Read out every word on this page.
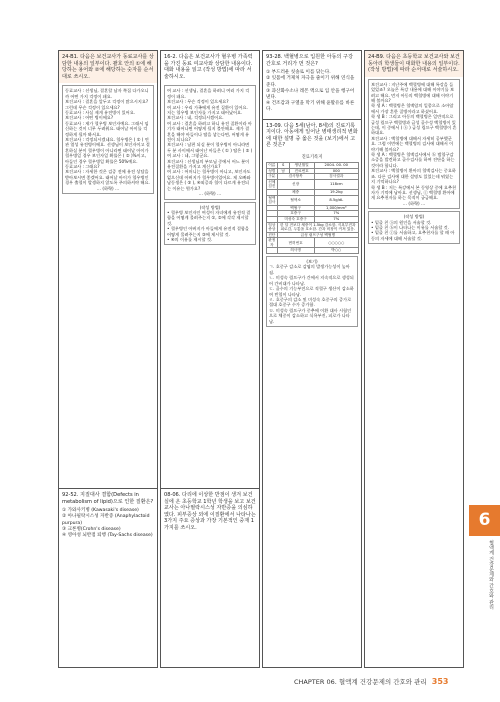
24-B1. 다음은 보건교사가 동료교사를 상담한 내용의 일부이다. 괄호 안의 ①에 해당하는 용어와 ②에 해당하는 숫자를 순서대로 쓰시오.
동료교사 : 선생님, 결혼할 남자 쪽집 다가오니까 어떤 가지 걱정이 돼요.
보건교사 : 결혼을 앞두고 걱정이 많으시지요? 그런데 무슨 걱정이 있으세요?
동료교사 : 사실 제게 유전병이 있어요.
보건교사 : 어떤 병이에요?
동료교사 : 제가 혈우병 보인자예요. 그래서 임신하는 것이 너무 두려워요. 태어날 아이를 걱정하게 될까 봐서요.
보건교사 : 걱정되시겠네요. 혈우병은 ( ① ) 연관 열성 유전병이에요. 선생님이 보인자이고 결혼하실 분이 혈우병이 아니라면 태어날 아이가 혈우병일 경우 보인자일 확률은 ( ② )%이고, 아들인 경우 혈우병일 확률은 50%예요.
동료교사 : 그래요?
보건교사 : 자세한 것은 검증 전에 유전 상담을 받아보시면 좋겠어요. 태어날 아이가 혈우병인 경우 출혈이 발생하지 않도록 주의하셔야 해요.
… (하략) …
92-52. 지질대사 결함(Defects in metabolism of lipid)으로 인한 질환은?
① 가와사키병 (Kawasaki's disease)
② 아나필락시스성 자반증 (Anaphylactoid purpura)
③ 크론병(Crohn's disease)
④ 영아성 뇌반점 퇴행 (Tay-Sachs disease)
16-2. 다음은 보건교사가 혈우병 가족력을 가진 동료 여교사와 상담한 내용이다. 대화 내용을 읽고 (작성 방법)에 따라 서술하시오.
여 교사 : 선생님, 결혼을 하려니 여러 가지 걱정이 돼요.
보건교사 : 무슨 걱정이 있으세요?
여 교사 : 우리 가족에게 유전 질환이 있어요. 저는 혈우병 보인자를 가지고 태어났어요.
보건교사 : 네, 걱정되시겠어요.
여 교사 : 결혼을 하려고 하니 유전 질환이라 아기가 태어나면 어떻게 될지 불안해요. 제가 결혼을 해야 아들이나 딸을 낳는다면, 어떻게 유전이 되나요?
보건교사 : 남편 되실 분이 혈우병이 아니라면 두 분 사이에서 태어난 아들은 ( ① ) 딸은 ( ② )
여 교사 : 네, 그렇군요.
보건교사 : 선생님의 부모님 중에서 어느 분이 유전질환을 가지고 계신가요?
여 교사 : 어머니는 혈우병이 아니고, 보인자도 없으신데 아버지가 혈우병이었어요. 제 오빠와 남동생은 ( ③ ), ④외증과 혈이 다르게 유전되는 이유는 뭔가요?
… (하략) …
(작성 방법)
• 혈우병 보인자인 여성이 자녀에게 유전적 결함을 어떻게 물려주는지 ①, ②에 각각 제시할 것.
• 혈우병인 아버지가 아들에게 유전적 결함을 어떻게 물려주는지 ③에 제시할 것.
• ④의 이유를 제시할 것.
08-06. 다리에 이상한 반점이 생겨 보건실에 온 초등학교 1학년 학생을 보고 보건교사는 아나필락시스성 자반증을 의심하였다. 피부증상 외에 이질환에서 나타나는 3가지 주요 증상과 가장 기본적인 중재 1가지를 쓰시오.
93-28. 백혈병으로 입원한 아동의 구강 간호로 거리가 먼 것은?
① 부드러운 칫솔로 이를 닦는다.
② 잇몸에 거제처 자극을 줄이기 위해 연식을 준다.
③ 과산화수소나 레몬 액으로 입 안을 헹구어 낸다.
④ 건조감과 구열을 막기 위해 윤활유를 바른다.
13-09. 다음 5세(남아, 8세)의 진료기록지이다. 아동에게 일어난 병태생리적 변화에 대한 설명 중 옳은 것을 (보기)에서 고른 것은?
진료기록지
이름	S	생년월일	2004. 00. 00
성별	남	진료번호	000
구분	검사항목		검사결과
신체검진	신장		118cm
	체중		19.2kg
혈액검사	혈색소		8.5g/dL
	백혈구		1,000/mm³
	호중구		7%
	미성숙 호중구		7%
임상증상	한 달 전보다 체중이 1.5kg 감소함. 식욕부진과 피로감, 두통을 호소함. 간과 비장이 커져 있음.		
진단	급성 림프구성 백혈병		
판정자	면허번호		○○○○○
	의사명		박○○
(보기)
ㄱ. 호중구 감소로 감염의 발생가능성이 높아짐.
ㄴ. 미성숙 림프구가 간에서 지속적으로 생성되어 간비대가 나타남.
ㄷ. 골수의 기능부전으로 적혈구 생산이 감소하여 빈혈이 나타남.
ㄹ. 호중구의 감소 및 미성숙 호중구의 증가로 절대 호중구 수가 증가함.
ㅁ. 미성숙 림프구가 중추에 이환 대사 시험인으로 체중이 감소하고 식욕부진, 피로가 나타남.
24-B9. 다음은 초등학교 보건교사와 보건 동아리 학생들이 대화한 내용의 일부이다. (작성 방법)에 따라 순서대로 서술하시오.
보건교사 : 지난주에 백혈병에 대해 특강을 들었었죠? 오늘은 특강 내용에 대해 이야기를 보려고 해요. 먼저 아동의 백혈병에 대해 이야기해 볼까요?
학 생 A : 백혈병은 혈액암의 일종으로 소아암에서 가장 흔한 질병이라고 하셨어요.
학 생 B : 그리고 아동의 백혈병은 일반적으로 급성 림프구 백혈병과 급성 골수성 백혈병이 있는데, 이 중에서 ( ⓐ ) 급성 림프구 백혈병이 흔하대요.
보건교사 : 백혈병에 대해서 자세히 공부했군요. 그럼 이번에는 백혈병의 검사에 대해서 이야기해 볼까요?
학 생 A : 백혈병은 혈액검사에서 ⓑ 범혈구감소증을 발견하고 골수검사를 하여 진단을 하는 것이라 합니다.
보건교사 : 백혈병이 환아의 혈액검사는 중요하죠. 다른 검사에 대한 설명도 있었는데 뭐였는지 기억하나요?
학 생 B : 저는 특강에서 본 동영상 중에 요추천자가 기억에 남아요. 선생님, ⓒ 백혈병 환아에게 요추천자를 하는 목적이 궁금해요.
… (하략) …
(작성 방법)
• 밑줄 친 ⓐ의 원인을 서술할 것.
• 밑줄 친 ⓑ이 나타나는 이유를 서술할 것.
• 밑줄 친 ⓒ를 서술하고, 요추천자를 할 때 아동의 자세에 대해 서술할 것.
6
혈액계 건강문제와 간호와 관리
CHAPTER 06. 혈액계 건강문제의 간호와 관리 353
